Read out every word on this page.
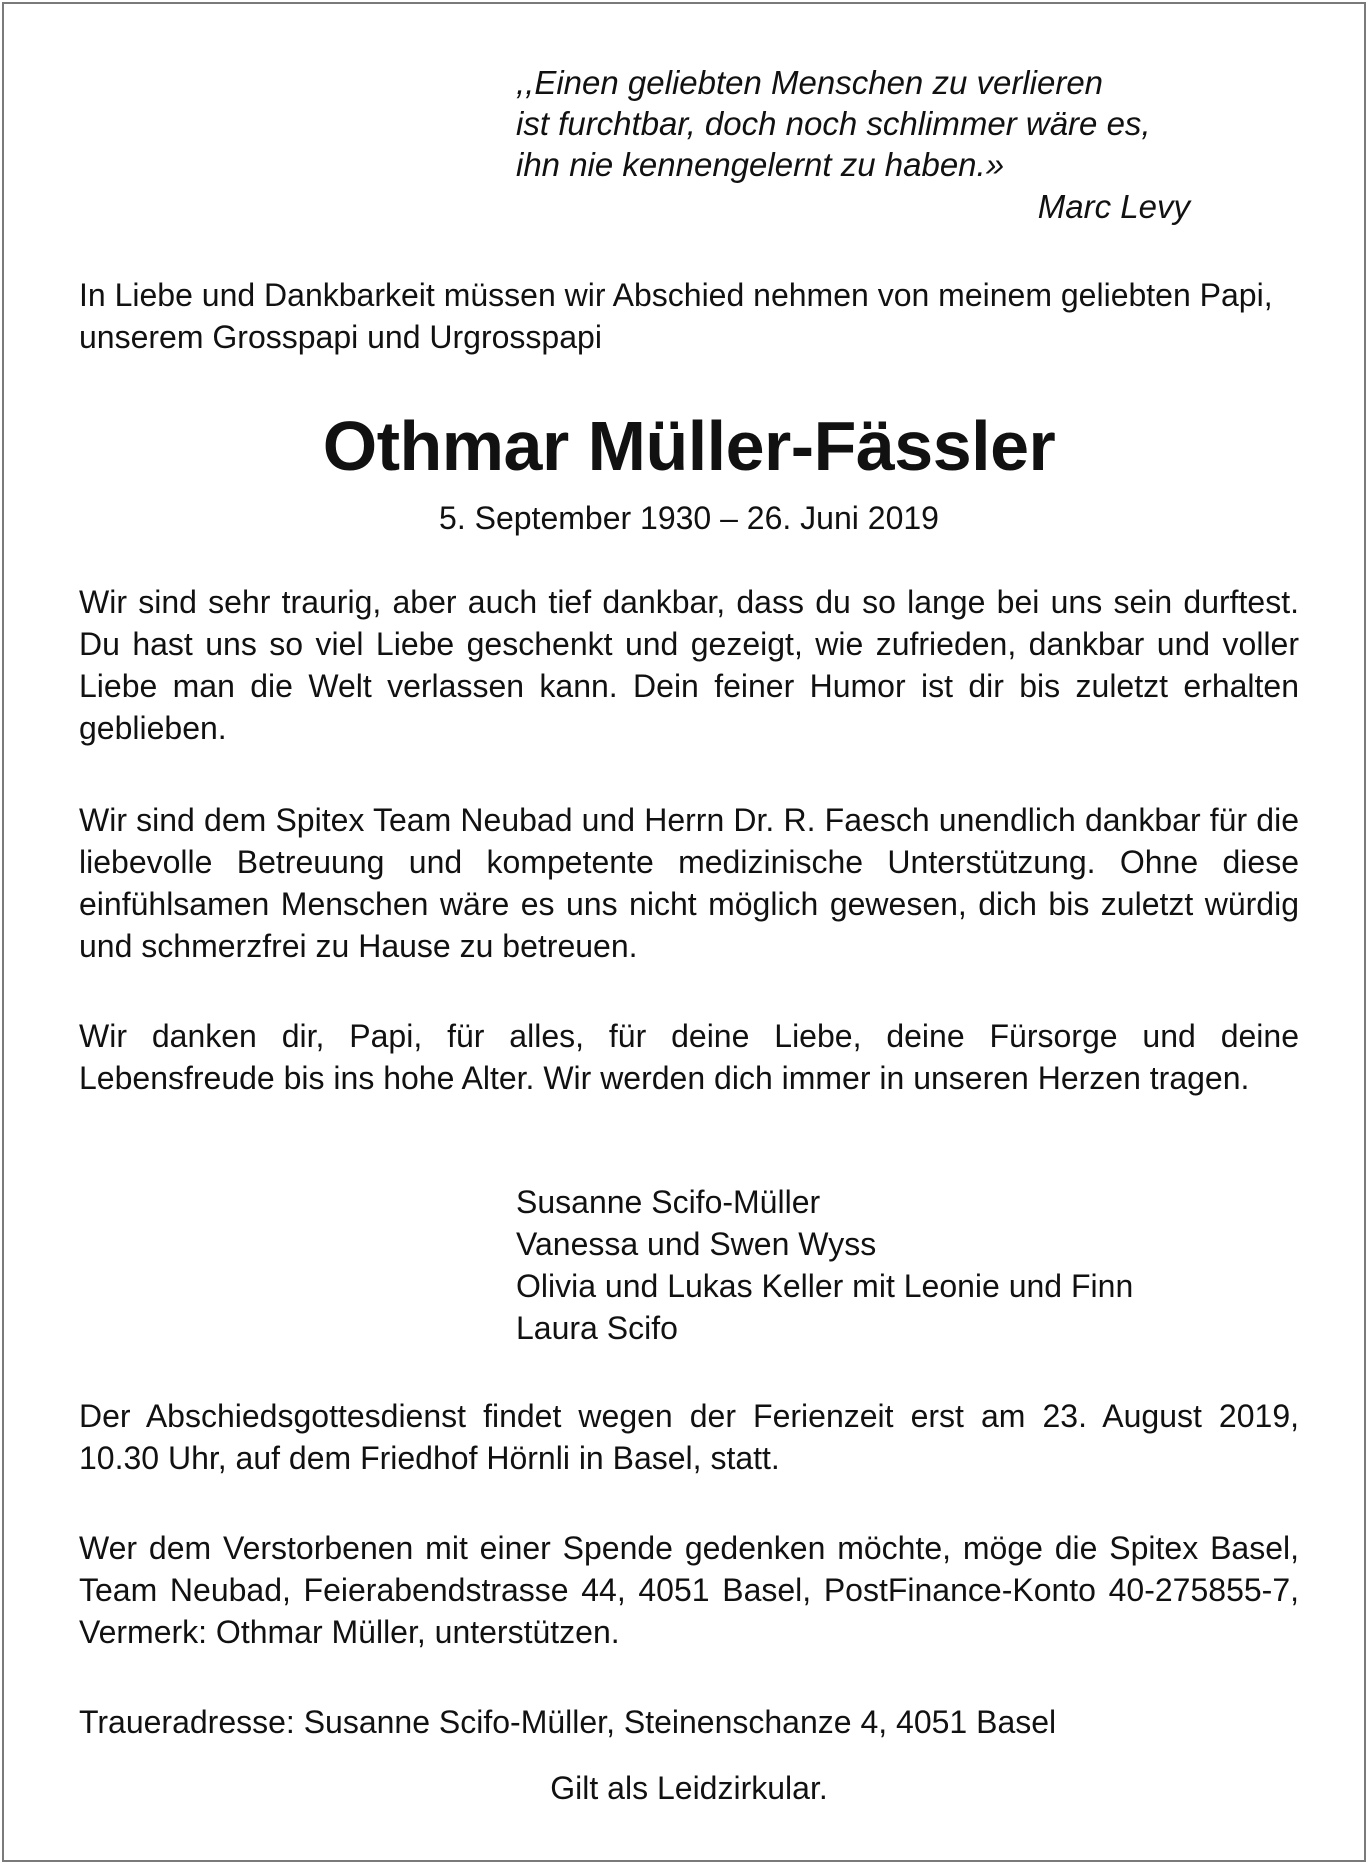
,,Einen geliebten Menschen zu verlieren
ist furchtbar, doch noch schlimmer wäre es,
ihn nie kennengelernt zu haben.»
Marc Levy
In Liebe und Dankbarkeit müssen wir Abschied nehmen von meinem geliebten Papi, unserem Grosspapi und Urgrosspapi
Othmar Müller-Fässler
5. September 1930 – 26. Juni 2019
Wir sind sehr traurig, aber auch tief dankbar, dass du so lange bei uns sein durftest. Du hast uns so viel Liebe geschenkt und gezeigt, wie zufrieden, dankbar und voller Liebe man die Welt verlassen kann. Dein feiner Humor ist dir bis zuletzt erhalten geblieben.
Wir sind dem Spitex Team Neubad und Herrn Dr. R. Faesch unendlich dankbar für die liebevolle Betreuung und kompetente medizinische Unterstützung. Ohne diese einfühlsamen Menschen wäre es uns nicht möglich gewesen, dich bis zuletzt würdig und schmerzfrei zu Hause zu betreuen.
Wir danken dir, Papi, für alles, für deine Liebe, deine Fürsorge und deine Lebensfreude bis ins hohe Alter. Wir werden dich immer in unseren Herzen tragen.
Susanne Scifo-Müller
Vanessa und Swen Wyss
Olivia und Lukas Keller mit Leonie und Finn
Laura Scifo
Der Abschiedsgottesdienst findet wegen der Ferienzeit erst am 23. August 2019, 10.30 Uhr, auf dem Friedhof Hörnli in Basel, statt.
Wer dem Verstorbenen mit einer Spende gedenken möchte, möge die Spitex Basel, Team Neubad, Feierabendstrasse 44, 4051 Basel, PostFinance-Konto 40-275855-7, Vermerk: Othmar Müller, unterstützen.
Traueradresse: Susanne Scifo-Müller, Steinenschanze 4, 4051 Basel
Gilt als Leidzirkular.
